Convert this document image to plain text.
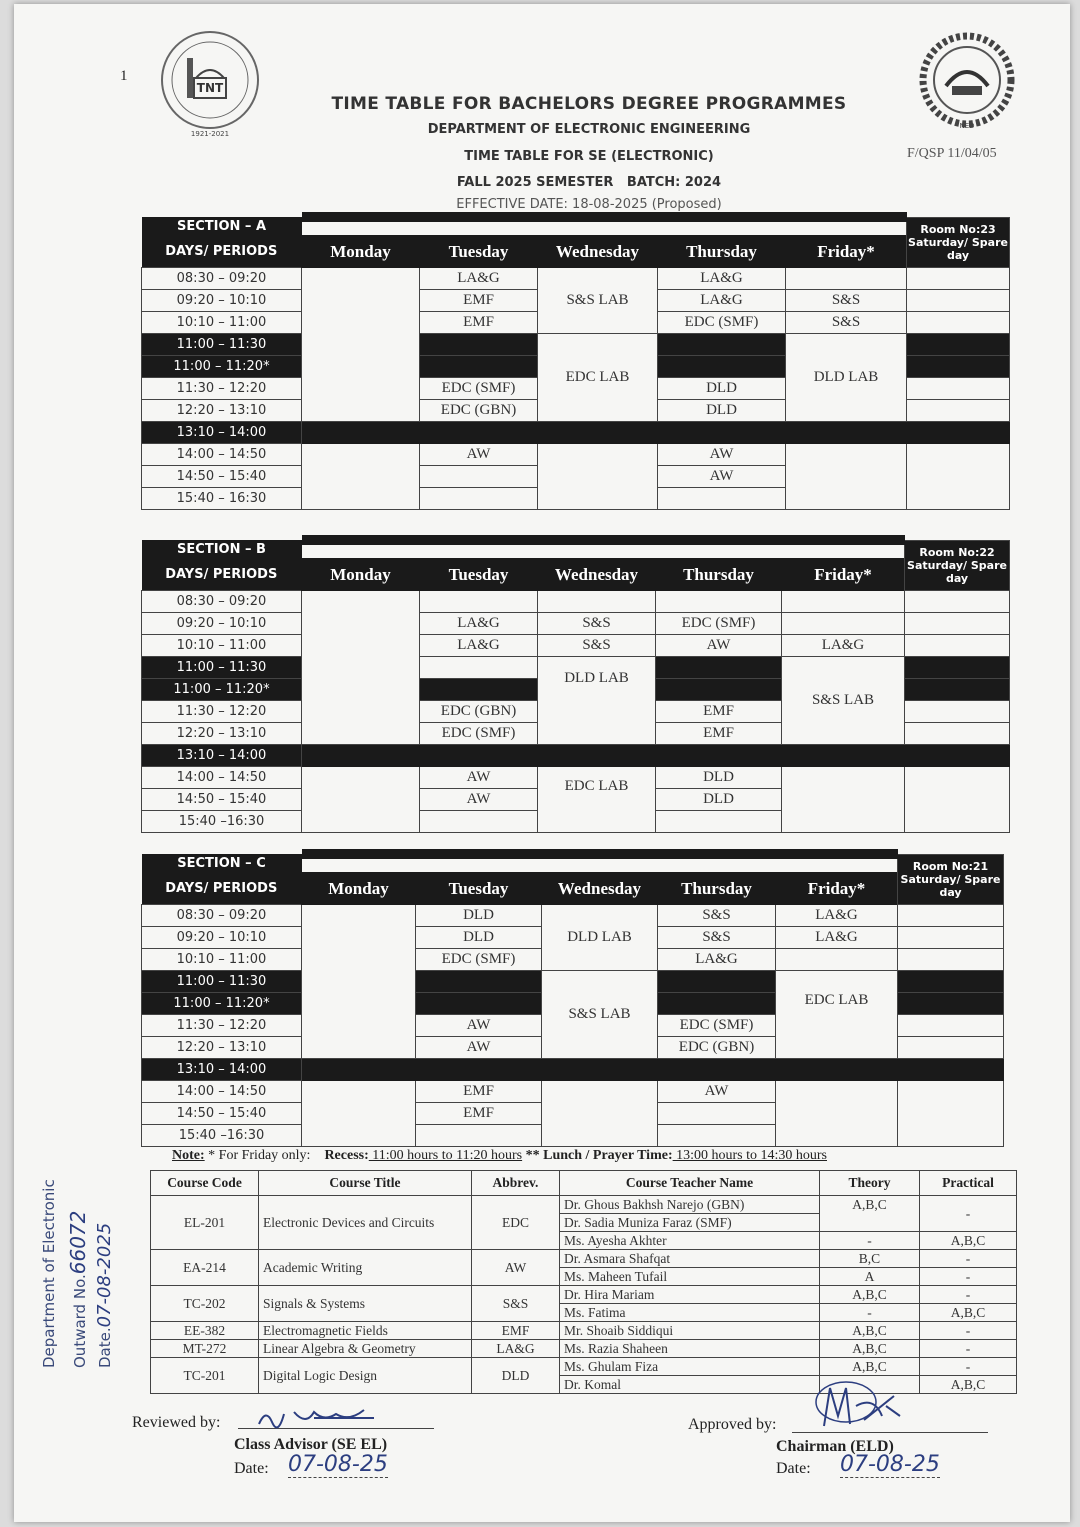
1
TNT
1921-2021
NED
TIME TABLE FOR BACHELORS DEGREE PROGRAMMES
DEPARTMENT OF ELECTRONIC ENGINEERING
TIME TABLE FOR SE (ELECTRONIC)
FALL 2025 SEMESTER   BATCH: 2024
EFFECTIVE DATE: 18-08-2025 (Proposed)
F/QSP 11/04/05
SECTION – A						Room No:23
Saturday/ Spare day
DAYS/ PERIODS	Monday	Tuesday	Wednesday	Thursday	Friday*	
08:30 – 09:20		LA&G	S&S LAB	LA&G		
09:20 – 10:10		EMF		LA&G	S&S	
10:10 – 11:00		EMF		EDC (SMF)	S&S	
11:00 – 11:30			EDC LAB		DLD LAB	
11:00 – 11:20*						
11:30 – 12:20		EDC (SMF)		DLD		
12:20 – 13:10		EDC (GBN)		DLD		
13:10 – 14:00						
14:00 – 14:50		AW		AW		
14:50 – 15:40				AW		
15:40 – 16:30						
SECTION – B						Room No:22
Saturday/ Spare day
DAYS/ PERIODS	Monday	Tuesday	Wednesday	Thursday	Friday*	
08:30 – 09:20						
09:20 – 10:10		LA&G	S&S	EDC (SMF)		
10:10 – 11:00		LA&G	S&S	AW	LA&G	
11:00 – 11:30			DLD LAB		S&S LAB	
11:00 – 11:20*						
11:30 – 12:20		EDC (GBN)		EMF		
12:20 – 13:10		EDC (SMF)		EMF		
13:10 – 14:00						
14:00 – 14:50		AW	EDC LAB	DLD		
14:50 – 15:40		AW		DLD		
15:40 –16:30						
SECTION – C						Room No:21
Saturday/ Spare day
DAYS/ PERIODS	Monday	Tuesday	Wednesday	Thursday	Friday*	
08:30 – 09:20		DLD	DLD LAB	S&S	LA&G	
09:20 – 10:10		DLD		S&S	LA&G	
10:10 – 11:00		EDC (SMF)		LA&G		
11:00 – 11:30			S&S LAB		EDC LAB	
11:00 – 11:20*						
11:30 – 12:20		AW		EDC (SMF)		
12:20 – 13:10		AW		EDC (GBN)		
13:10 – 14:00						
14:00 – 14:50		EMF		AW		
14:50 – 15:40		EMF				
15:40 –16:30						
Note: * For Friday only: Recess: 11:00 hours to 11:20 hours ** Lunch / Prayer Time: 13:00 hours to 14:30 hours
Course Code	Course Title	Abbrev.	Course Teacher Name	Theory	Practical
EL-201	Electronic Devices and Circuits	EDC	Dr. Ghous Bakhsh Narejo (GBN)	A,B,C	-
			Dr. Sadia Muniza Faraz (SMF)		
			Ms. Ayesha Akhter	-	A,B,C
EA-214	Academic Writing	AW	Dr. Asmara Shafqat	B,C	-
			Ms. Maheen Tufail	A	-
TC-202	Signals & Systems	S&S	Dr. Hira Mariam	A,B,C	-
			Ms. Fatima	-	A,B,C
EE-382	Electromagnetic Fields	EMF	Mr. Shoaib Siddiqui	A,B,C	-
MT-272	Linear Algebra & Geometry	LA&G	Ms. Razia Shaheen	A,B,C	-
TC-201	Digital Logic Design	DLD	Ms. Ghulam Fiza	A,B,C	-
			Dr. Komal		A,B,C
Reviewed by:
Class Advisor (SE EL)
Date: 07-08-25
Approved by:
Chairman (ELD)
Date: 07-08-25
Department of Electronic Outward No.66072
Date.07-08-2025
